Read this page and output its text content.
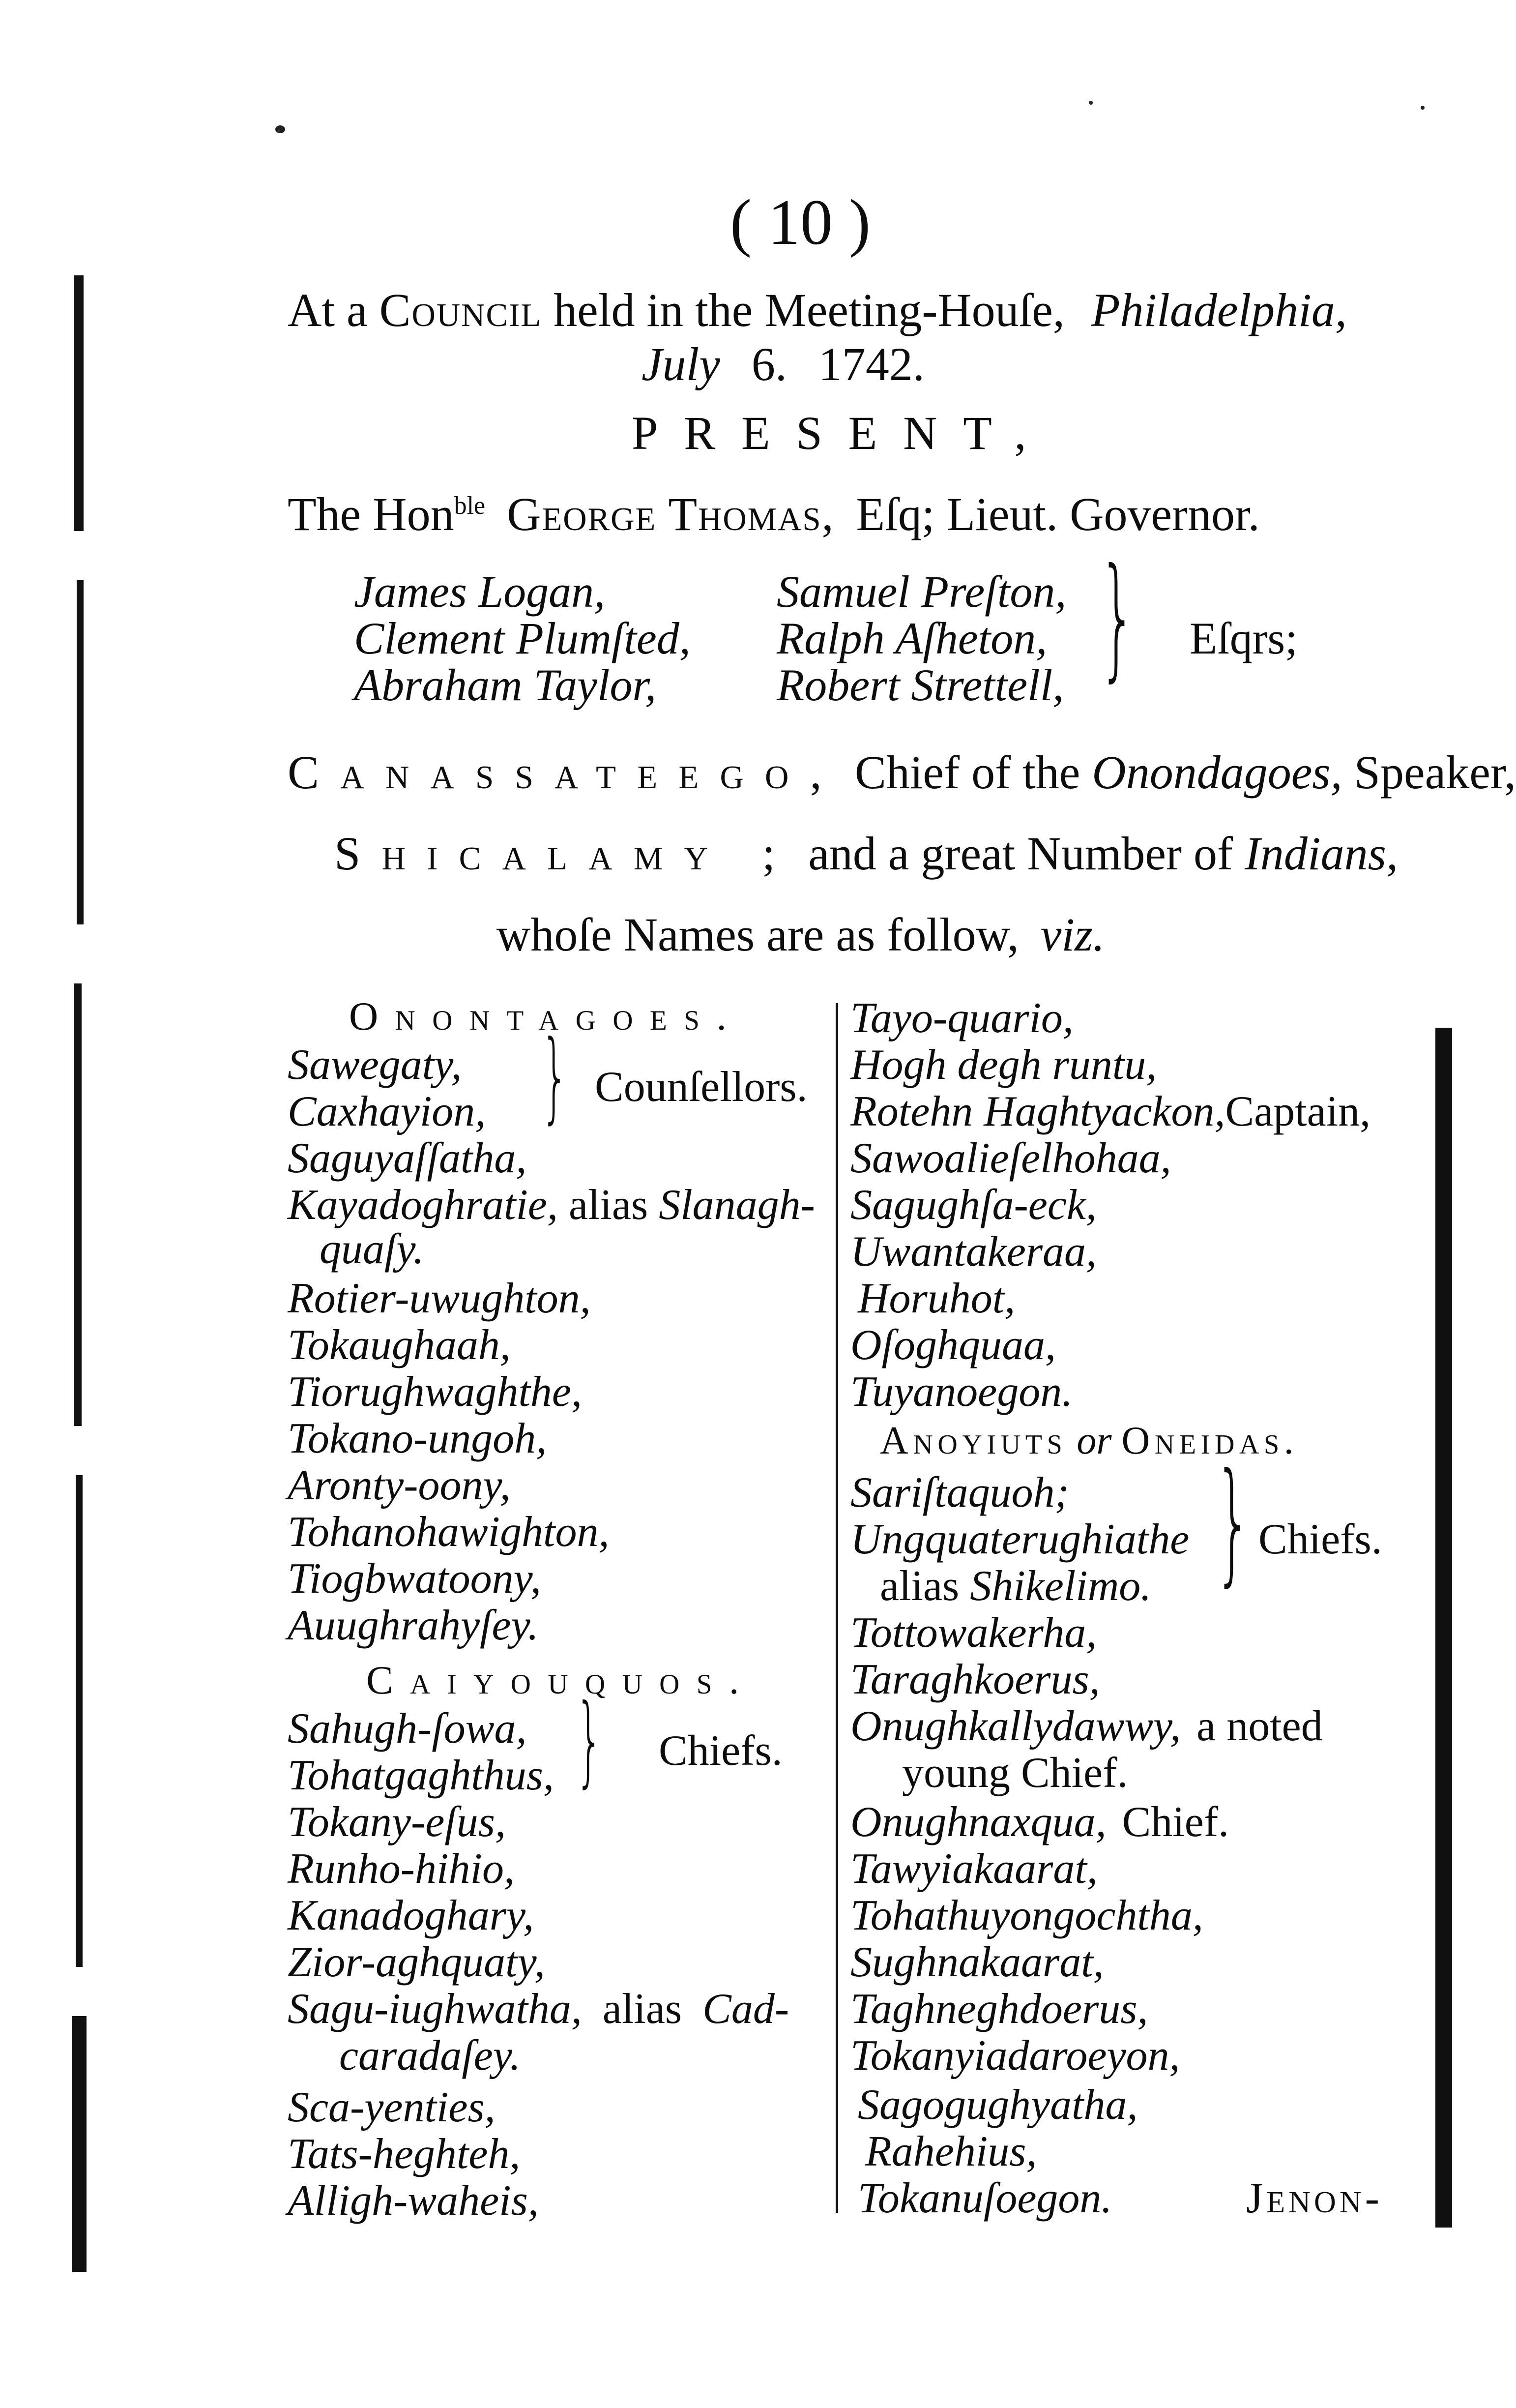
( 10 )
At a Council held in the Meeting-Houſe, Philadelphia,
July 6. 1742.
PRESENT,
The Hon$^{ble}$ George Thomas, Eſq; Lieut. Governor.
James Logan,
Clement Plumſted,
Abraham Taylor,
Samuel Preſton,
Ralph Aſheton,
Robert Strettell, } Eſqrs;
Canassateego, Chief of the Onondagoes, Speaker,
Shicalamy ; and a great Number of Indians,
whoſe Names are as follow, viz.
Onontagoes.
Sawegaty,
Caxhayion, } Counſellors.
Saguyaſſatha,
Kayadoghratie, alias Slanagh-
quaſy.
Rotier-uwughton,
Tokaughaah,
Tiorughwaghthe,
Tokano-ungoh,
Aronty-oony,
Tohanohawighton,
Tiogbwatoony,
Auughrahyſey.
Caiyouquos.
Sahugh-ſowa,
Tohatgaghthus, } Chiefs.
Tokany-eſus,
Runho-hihio,
Kanadoghary,
Zior-aghquaty,
Sagu-iughwatha, alias Cad-
caradaſey.
Sca-yenties,
Tats-heghteh,
Alligh-waheis,
Tayo-quario,
Hogh degh runtu,
Rotehn Haghtyackon,Captain,
Sawoalieſelhohaa,
Sagughſa-eck,
Uwantakeraa,
Horuhot,
Oſoghquaa,
Tuyanoegon.
Anoyiuts or Oneidas.
Sariſtaquoh;
Ungquaterughiathe
alias Shikelimo. } Chiefs.
Tottowakerha,
Taraghkoerus,
Onughkallydawwy, a noted
young Chief.
Onughnaxqua, Chief.
Tawyiakaarat,
Tohathuyongochtha,
Sughnakaarat,
Taghneghdoerus,
Tokanyiadaroeyon,
Sagogughyatha,
Rahehius,
Tokanuſoegon.	Jenon-
